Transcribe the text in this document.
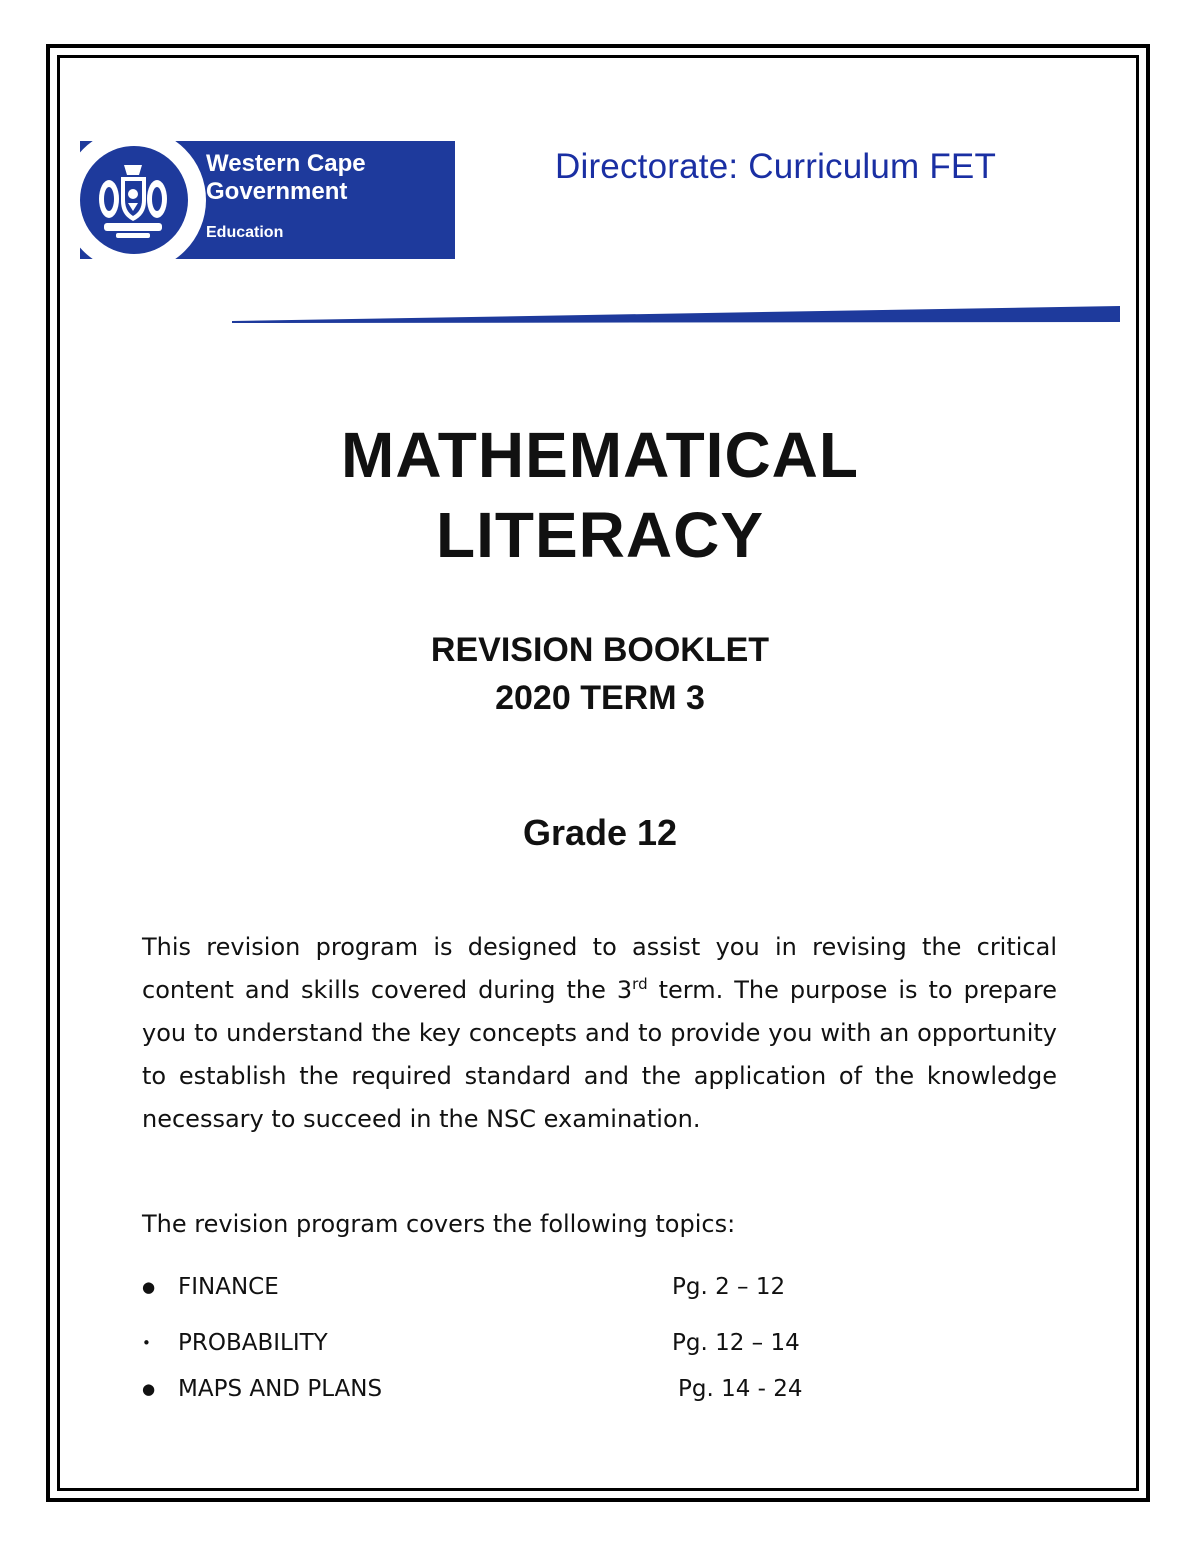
Western Cape
Government
Education
Directorate: Curriculum FET
MATHEMATICAL
LITERACY
REVISION BOOKLET
2020 TERM 3
Grade 12
This revision program is designed to assist you in revising the critical content and skills covered during the 3rd term. The purpose is to prepare you to understand the key concepts and to provide you with an opportunity to establish the required standard and the application of the knowledge necessary to succeed in the NSC examination.
The revision program covers the following topics:
● FINANCE	Pg. 2 – 12
•	PROBABILITY	Pg. 12 – 14
● MAPS AND PLANS	Pg. 14 - 24
